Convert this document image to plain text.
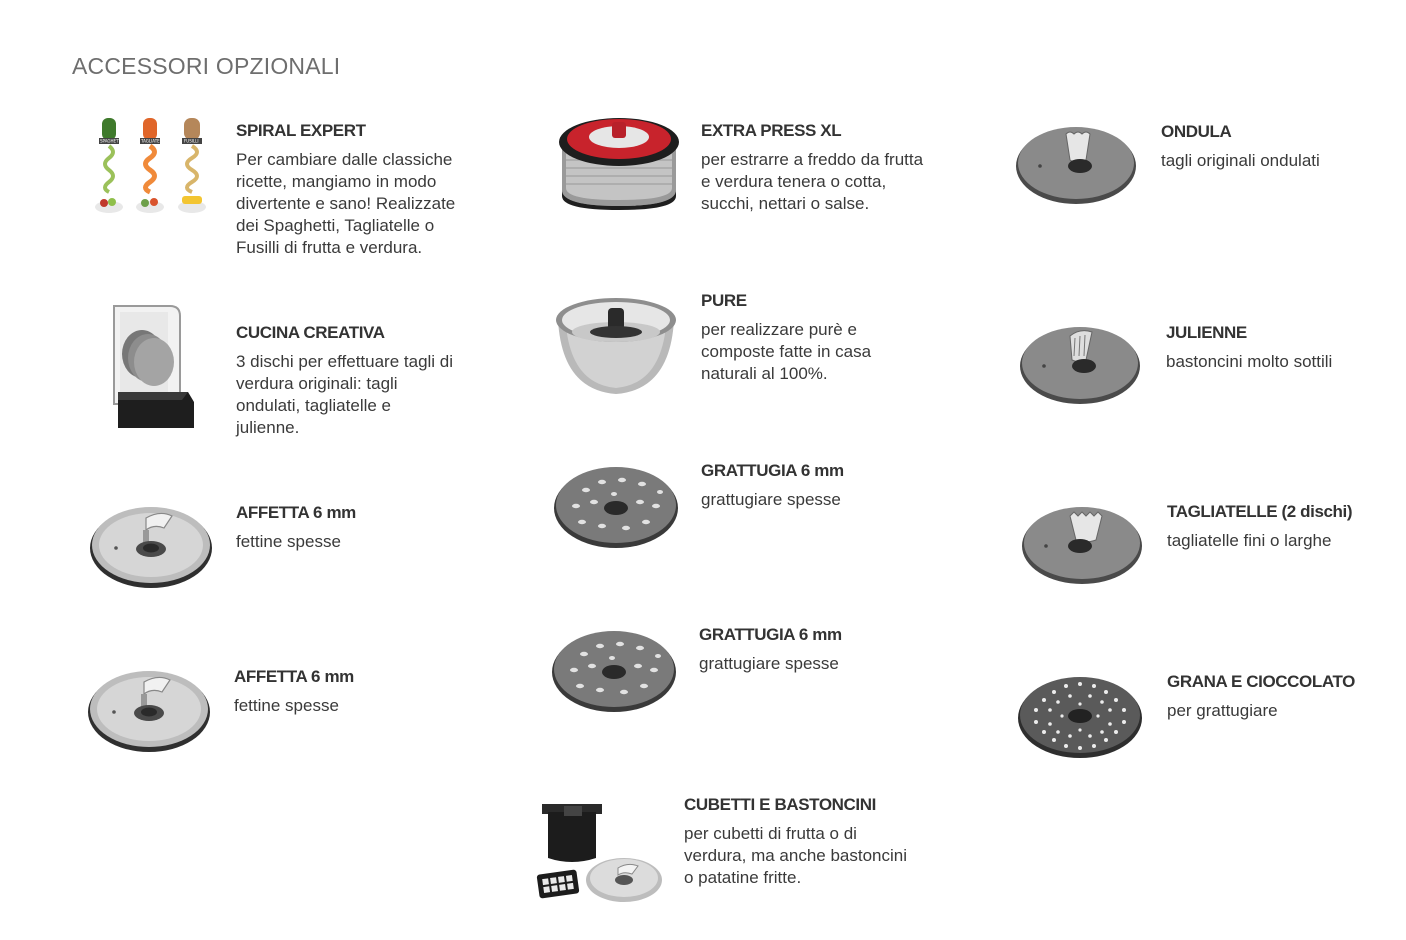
ACCESSORI OPZIONALI
SPAGHETTI	TAGLIATELLE	FUSILLI
SPIRAL EXPERT
Per cambiare dalle classiche
ricette, mangiamo in modo
divertente e sano! Realizzate
dei Spaghetti, Tagliatelle o
Fusilli di frutta e verdura.
CUCINA CREATIVA
3 dischi per effettuare tagli di
verdura originali: tagli
ondulati, tagliatelle e
julienne.
AFFETTA 6 mm
fettine spesse
AFFETTA 6 mm
fettine spesse
EXTRA PRESS XL
per estrarre a freddo da frutta
e verdura tenera o cotta,
succhi, nettari o salse.
PURE
per realizzare purè e
composte fatte in casa
naturali al 100%.
GRATTUGIA 6 mm
grattugiare spesse
GRATTUGIA 6 mm
grattugiare spesse
CUBETTI E BASTONCINI
per cubetti di frutta o di
verdura, ma anche bastoncini
o patatine fritte.
ONDULA
tagli originali ondulati
JULIENNE
bastoncini molto sottili
TAGLIATELLE (2 dischi)
tagliatelle fini o larghe
GRANA E CIOCCOLATO
per grattugiare
